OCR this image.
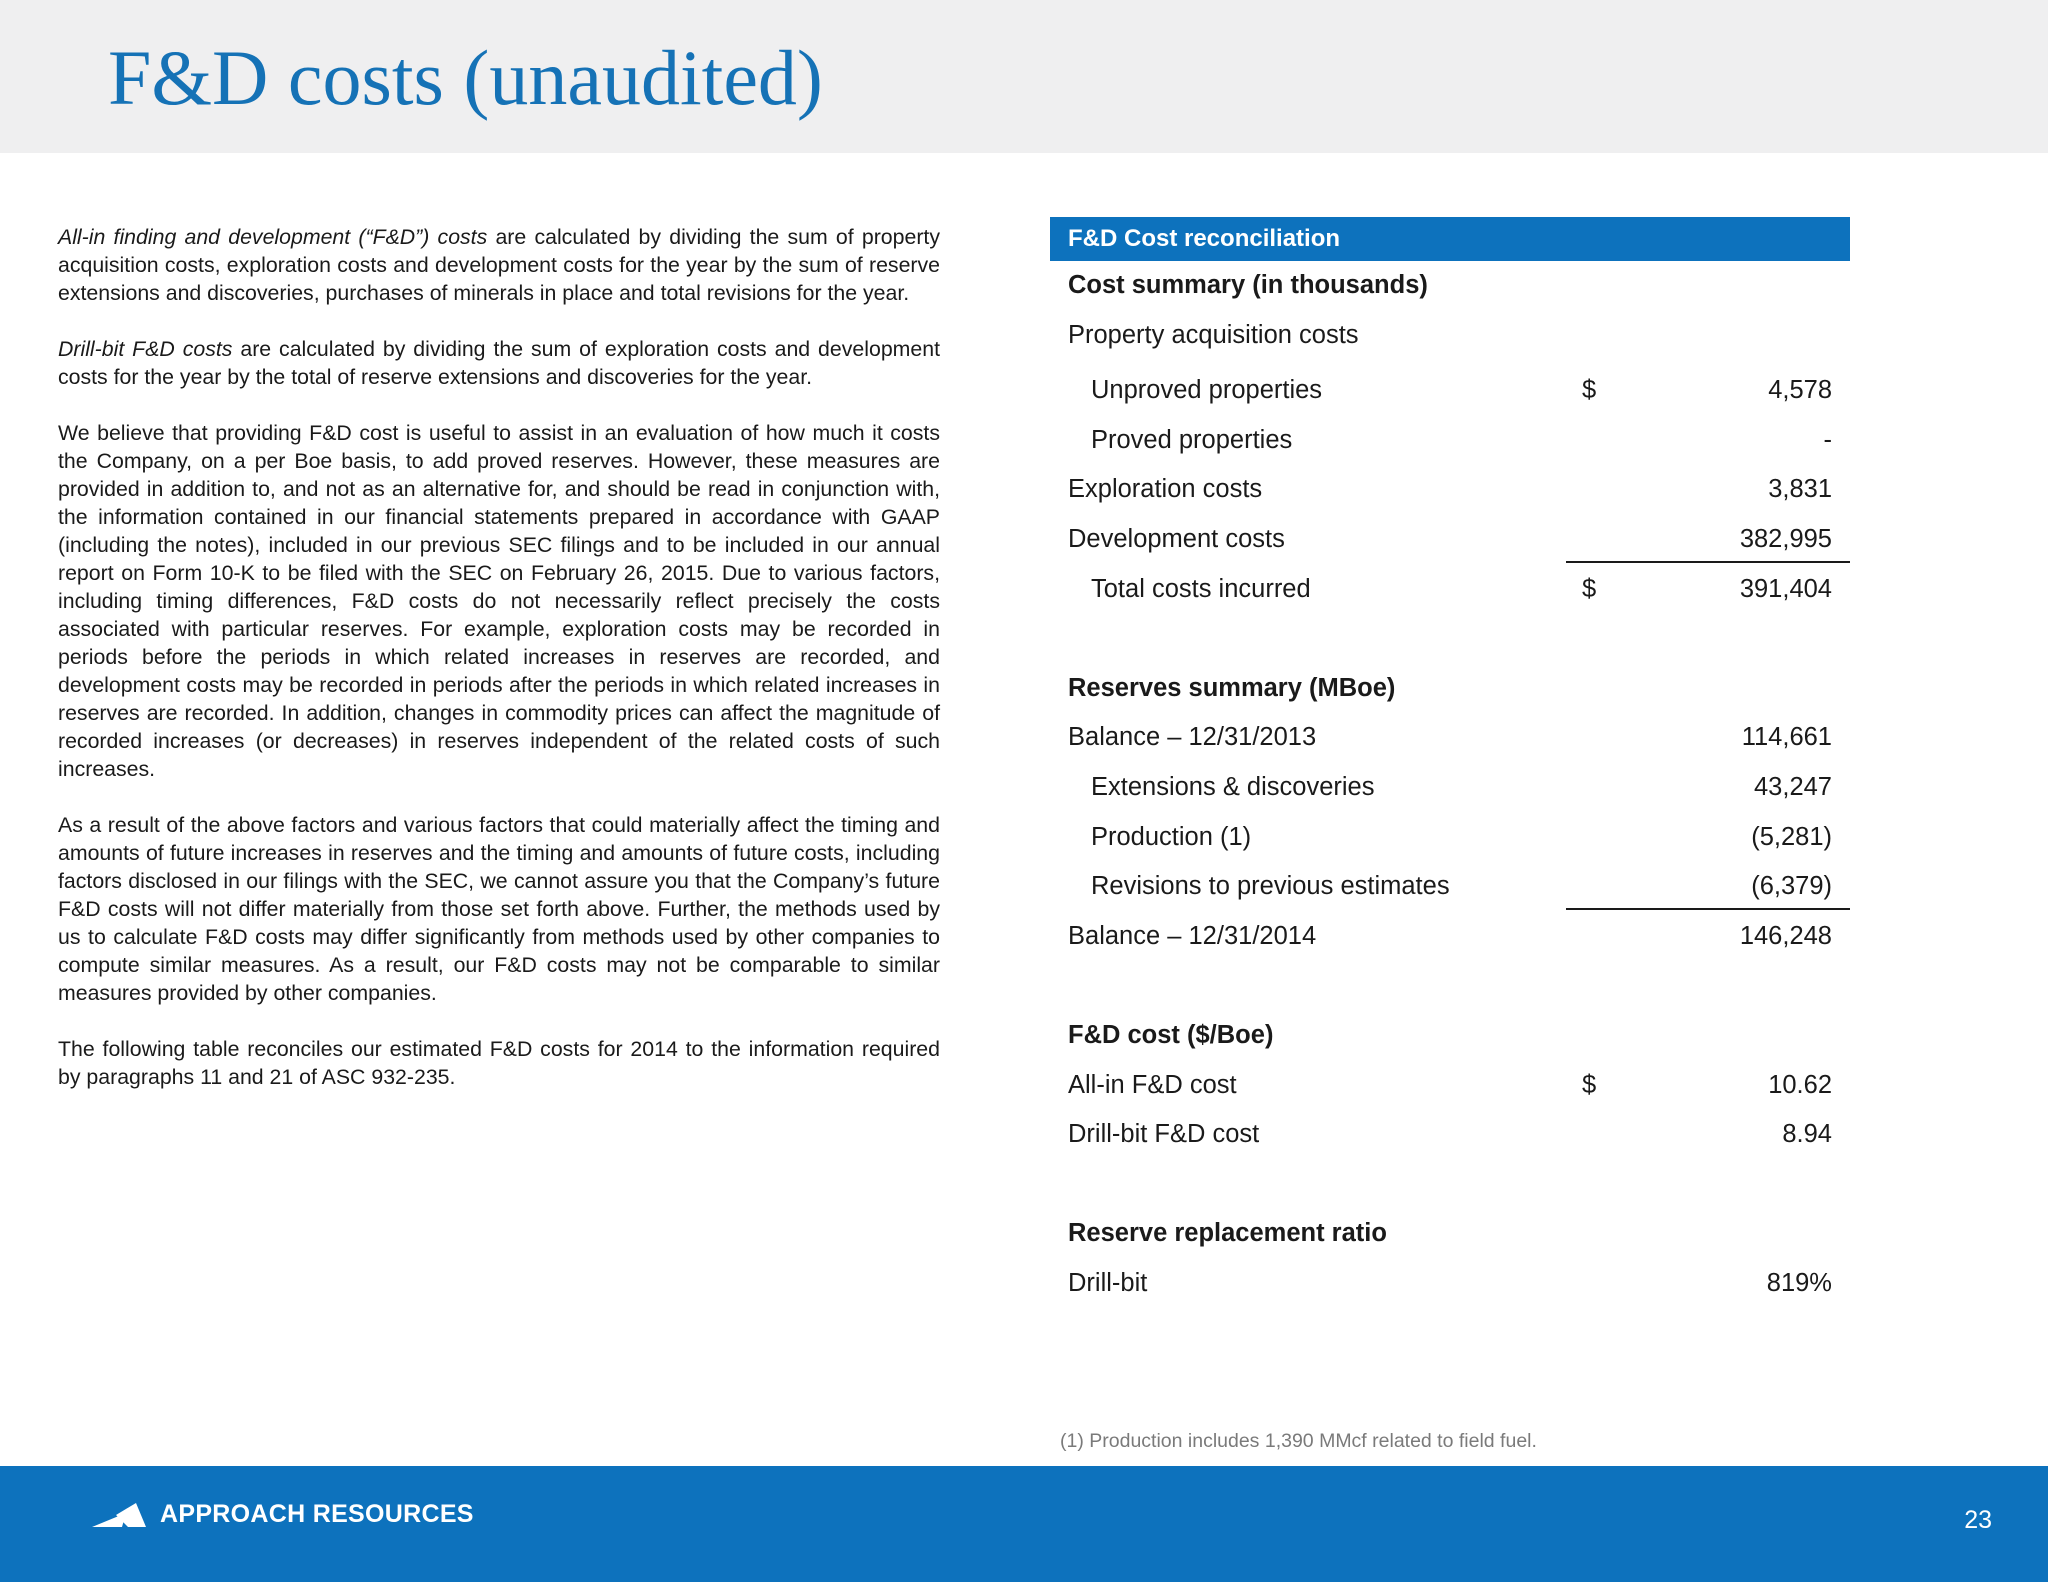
F&D costs (unaudited)

All-in finding and development (“F&D”) costs are calculated by dividing the sum of property acquisition costs, exploration costs and development costs for the year by the sum of reserve extensions and discoveries, purchases of minerals in place and total revisions for the year.

Drill-bit F&D costs are calculated by dividing the sum of exploration costs and development costs for the year by the total of reserve extensions and discoveries for the year.

We believe that providing F&D cost is useful to assist in an evaluation of how much it costs the Company, on a per Boe basis, to add proved reserves. However, these measures are provided in addition to, and not as an alternative for, and should be read in conjunction with, the information contained in our financial statements prepared in accordance with GAAP (including the notes), included in our previous SEC filings and to be included in our annual report on Form 10-K to be filed with the SEC on February 26, 2015. Due to various factors, including timing differences, F&D costs do not necessarily reflect precisely the costs associated with particular reserves. For example, exploration costs may be recorded in periods before the periods in which related increases in reserves are recorded, and development costs may be recorded in periods after the periods in which related increases in reserves are recorded. In addition, changes in commodity prices can affect the magnitude of recorded increases (or decreases) in reserves independent of the related costs of such increases.

As a result of the above factors and various factors that could materially affect the timing and amounts of future increases in reserves and the timing and amounts of future costs, including factors disclosed in our filings with the SEC, we cannot assure you that the Company’s future F&D costs will not differ materially from those set forth above. Further, the methods used by us to calculate F&D costs may differ significantly from methods used by other companies to compute similar measures. As a result, our F&D costs may not be comparable to similar measures provided by other companies.

The following table reconciles our estimated F&D costs for 2014 to the information required by paragraphs 11 and 21 of ASC 932-235.

F&D Cost reconciliation
Cost summary (in thousands)
Property acquisition costs
Unproved properties	$	4,578
Proved properties	-
Exploration costs	3,831
Development costs	382,995
Total costs incurred	$	391,404
Reserves summary (MBoe)
Balance – 12/31/2013	114,661
Extensions & discoveries	43,247
Production (1)	(5,281)
Revisions to previous estimates	(6,379)
Balance – 12/31/2014	146,248
F&D cost ($/Boe)
All-in F&D cost	$	10.62
Drill-bit F&D cost	8.94
Reserve replacement ratio
Drill-bit	819%
(1) Production includes 1,390 MMcf related to field fuel.
APPROACH RESOURCES	23
